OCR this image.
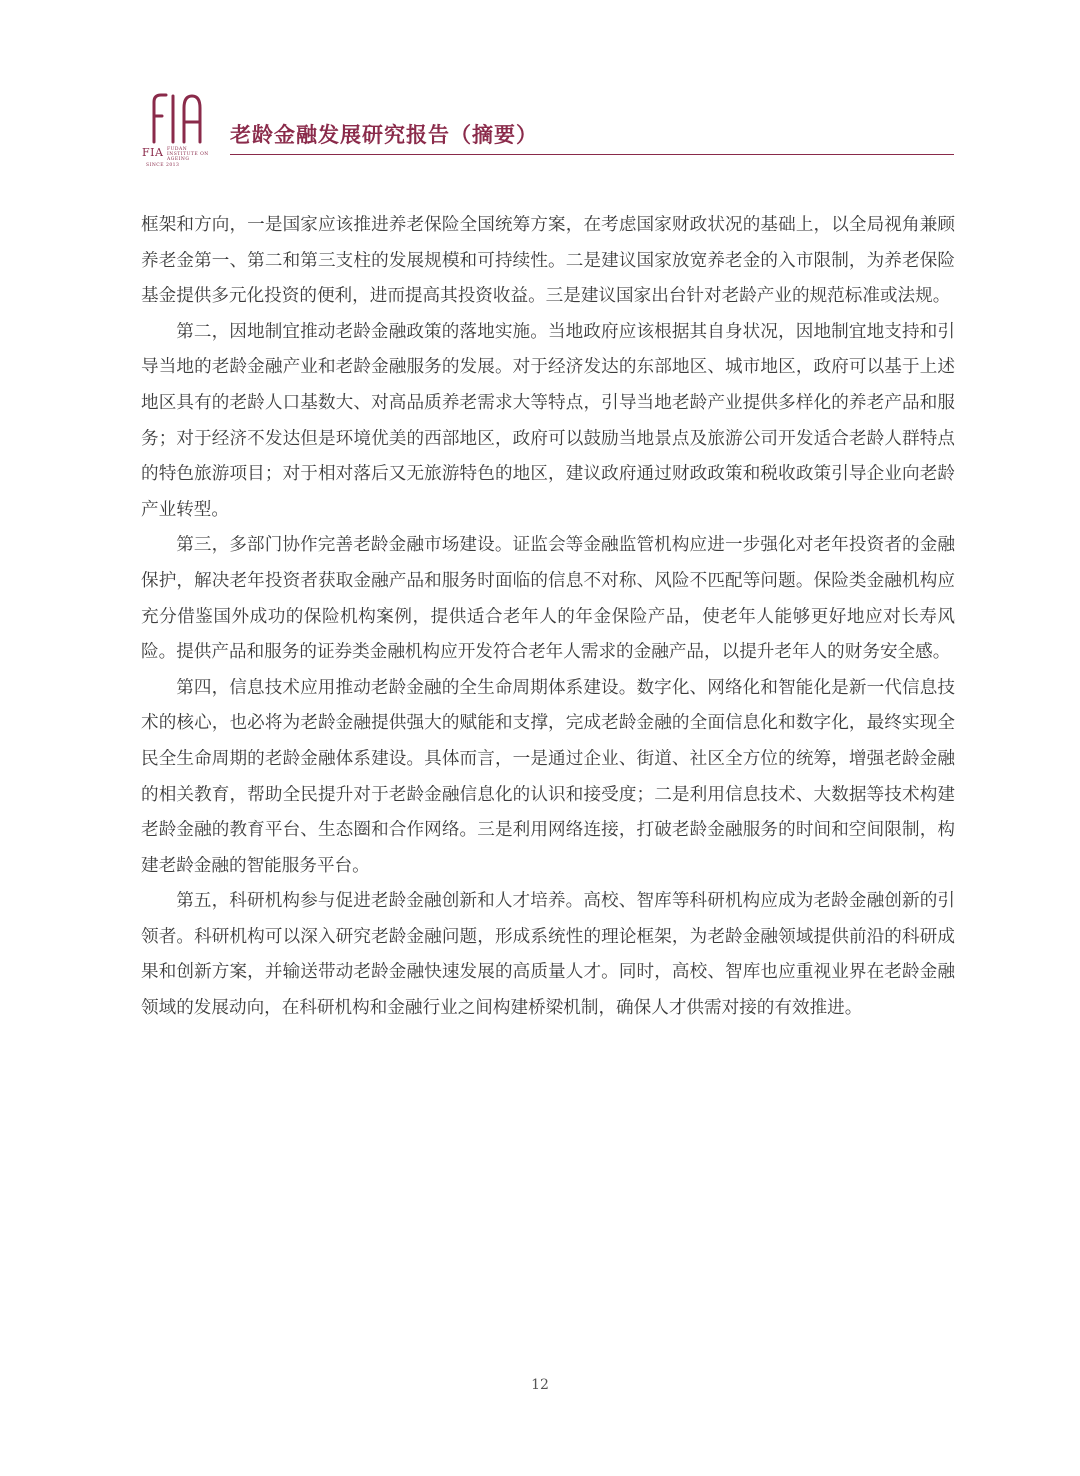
FIA FUDAN INSTITUTE ON AGEING
SINCE 2013
老龄金融发展研究报告（摘要）

框架和方向，一是国家应该推进养老保险全国统筹方案，在考虑国家财政状况的基础上，以全局视角兼顾养老金第一、第二和第三支柱的发展规模和可持续性。二是建议国家放宽养老金的入市限制，为养老保险基金提供多元化投资的便利，进而提高其投资收益。三是建议国家出台针对老龄产业的规范标准或法规。

第二，因地制宜推动老龄金融政策的落地实施。当地政府应该根据其自身状况，因地制宜地支持和引导当地的老龄金融产业和老龄金融服务的发展。对于经济发达的东部地区、城市地区，政府可以基于上述地区具有的老龄人口基数大、对高品质养老需求大等特点，引导当地老龄产业提供多样化的养老产品和服务；对于经济不发达但是环境优美的西部地区，政府可以鼓励当地景点及旅游公司开发适合老龄人群特点的特色旅游项目；对于相对落后又无旅游特色的地区，建议政府通过财政政策和税收政策引导企业向老龄产业转型。

第三，多部门协作完善老龄金融市场建设。证监会等金融监管机构应进一步强化对老年投资者的金融保护，解决老年投资者获取金融产品和服务时面临的信息不对称、风险不匹配等问题。保险类金融机构应充分借鉴国外成功的保险机构案例，提供适合老年人的年金保险产品，使老年人能够更好地应对长寿风险。提供产品和服务的证券类金融机构应开发符合老年人需求的金融产品，以提升老年人的财务安全感。

第四，信息技术应用推动老龄金融的全生命周期体系建设。数字化、网络化和智能化是新一代信息技术的核心，也必将为老龄金融提供强大的赋能和支撑，完成老龄金融的全面信息化和数字化，最终实现全民全生命周期的老龄金融体系建设。具体而言，一是通过企业、街道、社区全方位的统筹，增强老龄金融的相关教育，帮助全民提升对于老龄金融信息化的认识和接受度；二是利用信息技术、大数据等技术构建老龄金融的教育平台、生态圈和合作网络。三是利用网络连接，打破老龄金融服务的时间和空间限制，构建老龄金融的智能服务平台。

第五，科研机构参与促进老龄金融创新和人才培养。高校、智库等科研机构应成为老龄金融创新的引领者。科研机构可以深入研究老龄金融问题，形成系统性的理论框架，为老龄金融领域提供前沿的科研成果和创新方案，并输送带动老龄金融快速发展的高质量人才。同时，高校、智库也应重视业界在老龄金融领域的发展动向，在科研机构和金融行业之间构建桥梁机制，确保人才供需对接的有效推进。

12
